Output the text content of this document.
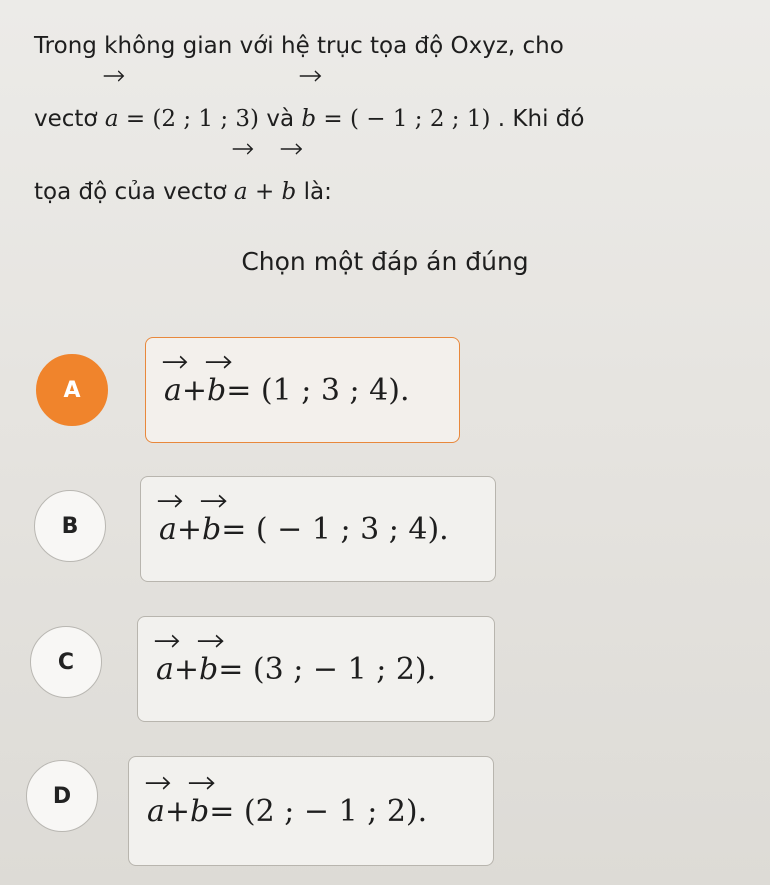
Trong không gian với hệ trục tọa độ Oxyz, cho
vectơ a = (2 ; 1 ; 3) và b = ( − 1 ; 2 ; 1) . Khi đó
tọa độ của vectơ a + b là:
Chọn một đáp án đúng
A	a+
b= (1 ; 3 ; 4).
B	a+
b= ( − 1 ; 3 ; 4).
C	a+
b= (3 ; − 1 ; 2).
D	a+
b= (2 ; − 1 ; 2).
